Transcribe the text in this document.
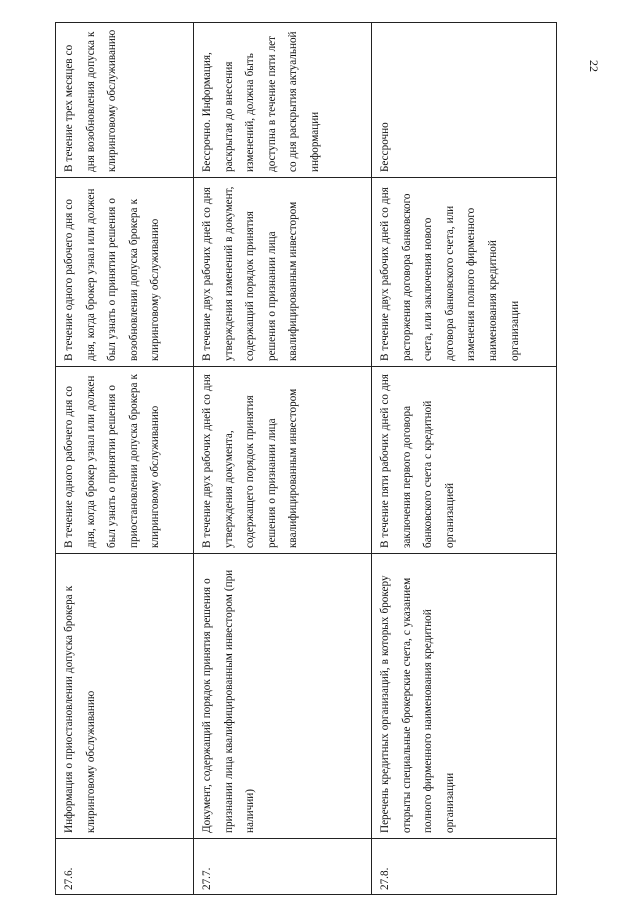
22
В течение трех месяцев со дня возобновления допуска к клиринговому обслуживанию
В течение одного рабочего дня со дня, когда брокер узнал или должен был узнать о принятии решения о возобновлении допуска брокера к клиринговому обслуживанию
В течение одного рабочего дня со дня, когда брокер узнал или должен был узнать о принятии решения о приостановлении допуска брокера к клиринговому обслуживанию
Информация о приостановлении допуска брокера к клиринговому обслуживанию
27.6.
Бессрочно. Информация, раскрытая до внесения изменений, должна быть доступна в течение пяти лет со дня раскрытия актуальной информации
В течение двух рабочих дней со дня утверждения изменений в документ, содержащий порядок принятия решения о признании лица квалифицированным инвестором
В течение двух рабочих дней со дня утверждения документа, содержащего порядок принятия решения о признании лица квалифицированным инвестором
Документ, содержащий порядок принятия решения о признании лица квалифицированным инвестором (при наличии)
27.7.
Бессрочно
В течение двух рабочих дней со дня расторжения договора банковского счета, или заключения нового договора банковского счета, или изменения полного фирменного наименования кредитной организации
В течение пяти рабочих дней со дня заключения первого договора банковского счета с кредитной организацией
Перечень кредитных организаций, в которых брокеру открыты специальные брокерские счета, с указанием полного фирменного наименования кредитной организации
27.8.
